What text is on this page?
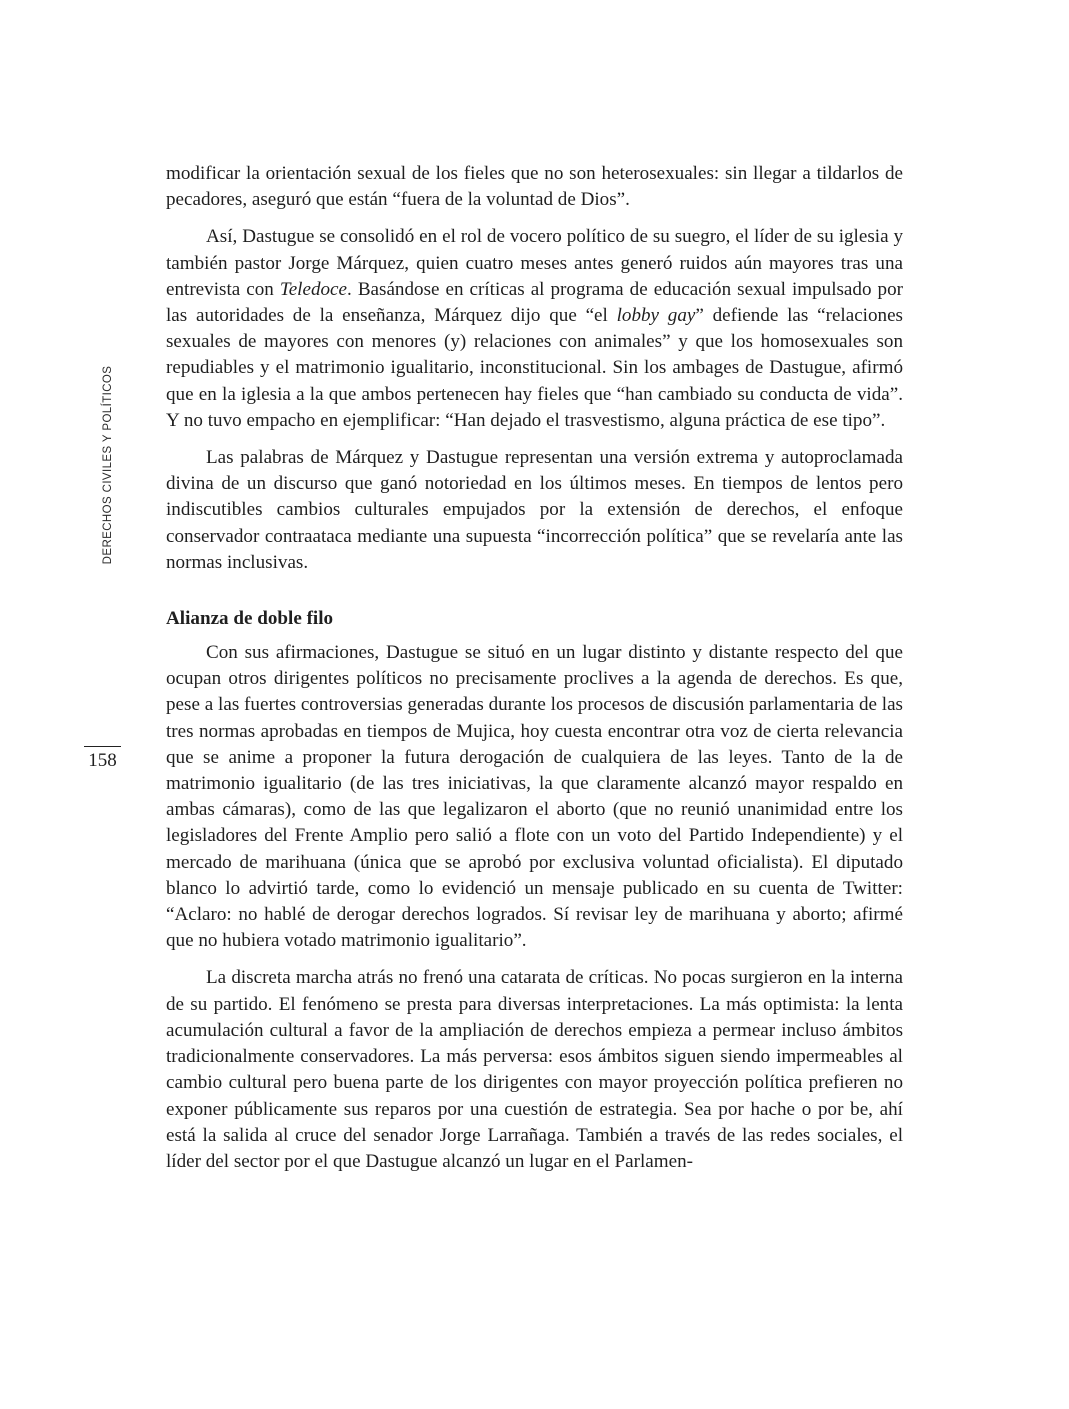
DERECHOS CIVILES Y POLÍTICOS
158

modificar la orientación sexual de los fieles que no son heterosexuales: sin llegar a tildarlos de pecadores, aseguró que están “fuera de la voluntad de Dios”.

Así, Dastugue se consolidó en el rol de vocero político de su suegro, el líder de su iglesia y también pastor Jorge Márquez, quien cuatro meses antes generó ruidos aún mayores tras una entrevista con Teledoce. Basándose en críticas al programa de educación sexual impulsado por las autoridades de la enseñanza, Márquez dijo que “el lobby gay” defiende las “relaciones sexuales de mayores con menores (y) relaciones con animales” y que los homosexuales son repudiables y el matrimonio igualitario, inconstitucional. Sin los ambages de Dastugue, afirmó que en la iglesia a la que ambos pertenecen hay fieles que “han cambiado su conducta de vida”. Y no tuvo empacho en ejemplificar: “Han dejado el trasvestismo, alguna práctica de ese tipo”.

Las palabras de Márquez y Dastugue representan una versión extrema y autoproclamada divina de un discurso que ganó notoriedad en los últimos meses. En tiempos de lentos pero indiscutibles cambios culturales empujados por la extensión de derechos, el enfoque conservador contraataca mediante una supuesta “incorrección política” que se revelaría ante las normas inclusivas.

Alianza de doble filo

Con sus afirmaciones, Dastugue se situó en un lugar distinto y distante respecto del que ocupan otros dirigentes políticos no precisamente proclives a la agenda de derechos. Es que, pese a las fuertes controversias generadas durante los procesos de discusión parlamentaria de las tres normas aprobadas en tiempos de Mujica, hoy cuesta encontrar otra voz de cierta relevancia que se anime a proponer la futura derogación de cualquiera de las leyes. Tanto de la de matrimonio igualitario (de las tres iniciativas, la que claramente alcanzó mayor respaldo en ambas cámaras), como de las que legalizaron el aborto (que no reunió unanimidad entre los legisladores del Frente Amplio pero salió a flote con un voto del Partido Independiente) y el mercado de marihuana (única que se aprobó por exclusiva voluntad oficialista). El diputado blanco lo advirtió tarde, como lo evidenció un mensaje publicado en su cuenta de Twitter: “Aclaro: no hablé de derogar derechos logrados. Sí revisar ley de marihuana y aborto; afirmé que no hubiera votado matrimonio igualitario”.

La discreta marcha atrás no frenó una catarata de críticas. No pocas surgieron en la interna de su partido. El fenómeno se presta para diversas interpretaciones. La más optimista: la lenta acumulación cultural a favor de la ampliación de derechos empieza a permear incluso ámbitos tradicionalmente conservadores. La más perversa: esos ámbitos siguen siendo impermeables al cambio cultural pero buena parte de los dirigentes con mayor proyección política prefieren no exponer públicamente sus reparos por una cuestión de estrategia. Sea por hache o por be, ahí está la salida al cruce del senador Jorge Larrañaga. También a través de las redes sociales, el líder del sector por el que Dastugue alcanzó un lugar en el Parlamen-
